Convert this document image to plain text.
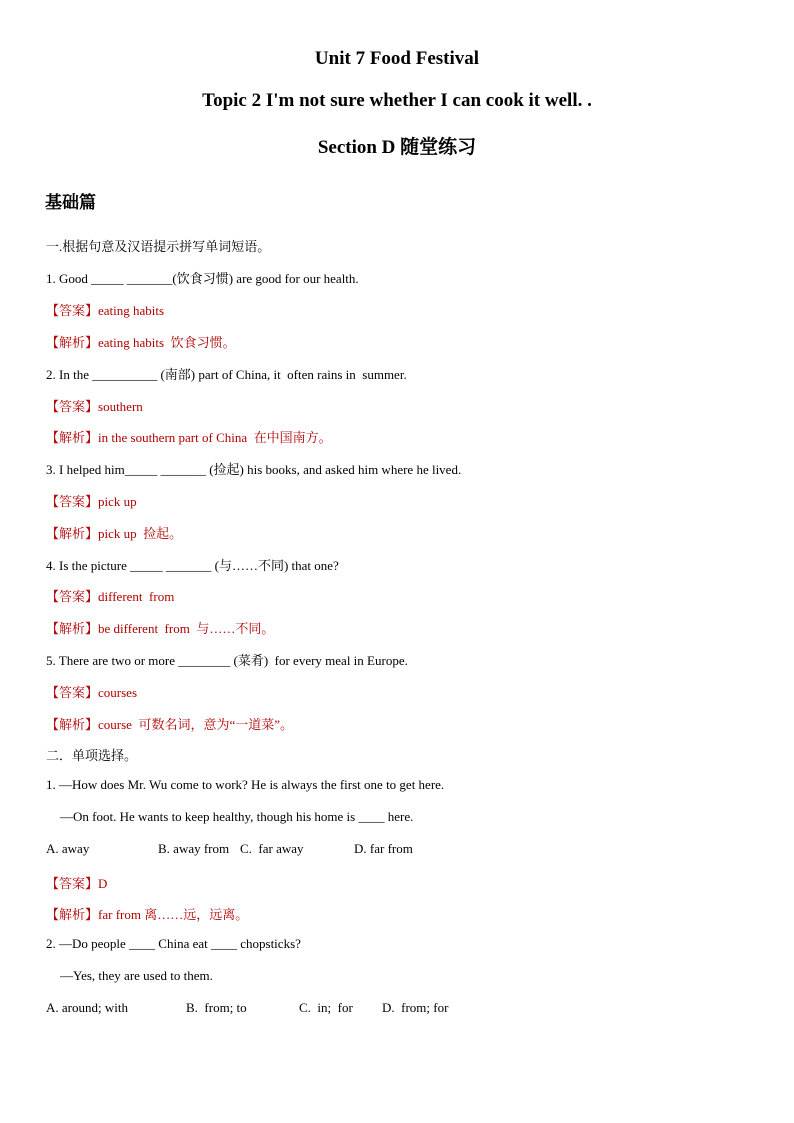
Unit 7 Food Festival
Topic 2 I'm not sure whether I can cook it well. .
Section D 随堂练习
基础篇
一.根据句意及汉语提示拼写单词短语。
1. Good _____ _______(饮食习惯) are good for our health.
【答案】eating habits
【解析】eating habits  饮食习惯。
2. In the __________ (南部) part of China, it  often rains in  summer.
【答案】southern
【解析】in the southern part of China  在中国南方。
3. I helped him_____ _______ (捡起) his books, and asked him where he lived.
【答案】pick up
【解析】pick up  捡起。
4. Is the picture _____ _______ (与……不同) that one?
【答案】different  from
【解析】be different  from  与……不同。
5. There are two or more ________ (菜肴)  for every meal in Europe.
【答案】courses
【解析】course  可数名词，意为“一道菜”。
二．单项选择。
1. —How does Mr. Wu come to work? He is always the first one to get here.
—On foot. He wants to keep healthy, though his home is ____ here.
A. away	B. away from C.  far away	D. far from
【答案】D
【解析】far from 离……远，远离。
2. —Do people ____ China eat ____ chopsticks?
—Yes, they are used to them.
A. around; with	B.  from; to	C.  in;  for D.  from; for
